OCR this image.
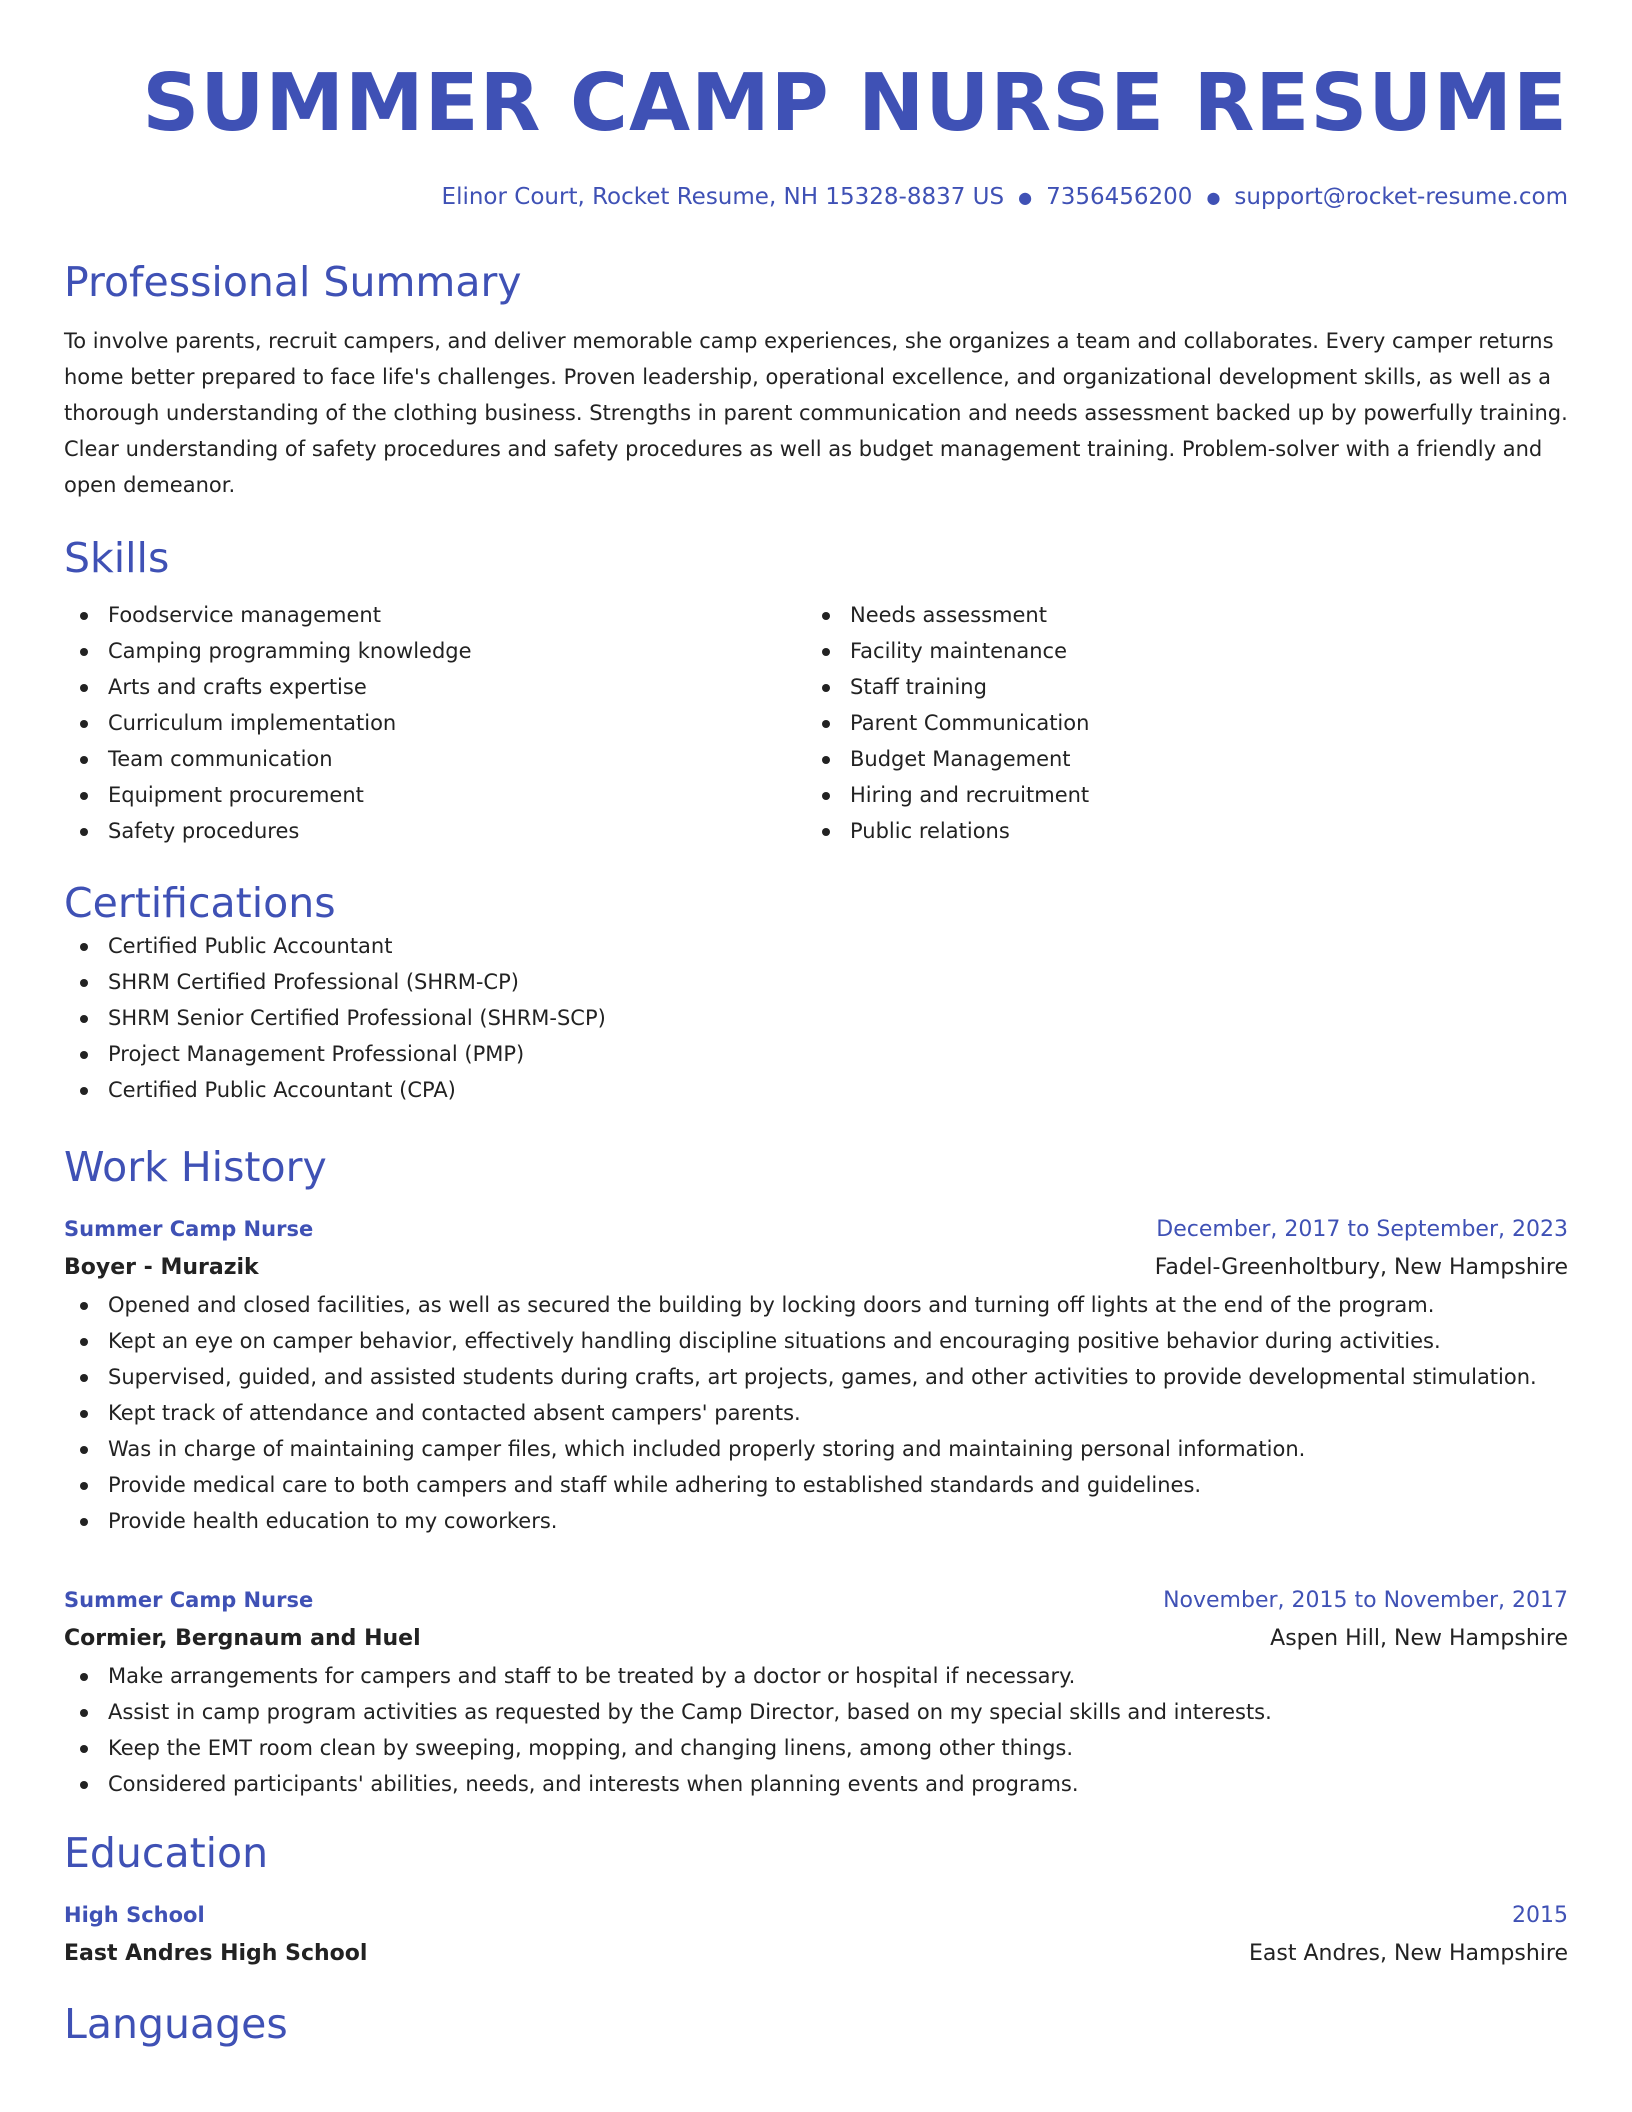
SUMMER CAMP NURSE RESUME
Elinor Court, Rocket Resume, NH 15328-8837 US ● 7356456200 ● support@rocket-resume.com
Professional Summary

To involve parents, recruit campers, and deliver memorable camp experiences, she organizes a team and collaborates. Every camper returns home better prepared to face life's challenges. Proven leadership, operational excellence, and organizational development skills, as well as a thorough understanding of the clothing business. Strengths in parent communication and needs assessment backed up by powerfully training. Clear understanding of safety procedures and safety procedures as well as budget management training. Problem-solver with a friendly and open demeanor.

Skills
Foodservice management
Camping programming knowledge
Arts and crafts expertise
Curriculum implementation
Team communication
Equipment procurement
Safety procedures
Needs assessment
Facility maintenance
Staff training
Parent Communication
Budget Management
Hiring and recruitment
Public relations
Certifications
Certified Public Accountant
SHRM Certified Professional (SHRM-CP)
SHRM Senior Certified Professional (SHRM-SCP)
Project Management Professional (PMP)
Certified Public Accountant (CPA)
Work History
Summer Camp Nurse	December, 2017 to September, 2023
Boyer - Murazik	Fadel-Greenholtbury, New Hampshire
Opened and closed facilities, as well as secured the building by locking doors and turning off lights at the end of the program.
Kept an eye on camper behavior, effectively handling discipline situations and encouraging positive behavior during activities.
Supervised, guided, and assisted students during crafts, art projects, games, and other activities to provide developmental stimulation.
Kept track of attendance and contacted absent campers' parents.
Was in charge of maintaining camper files, which included properly storing and maintaining personal information.
Provide medical care to both campers and staff while adhering to established standards and guidelines.
Provide health education to my coworkers.
Summer Camp Nurse	November, 2015 to November, 2017
Cormier, Bergnaum and Huel	Aspen Hill, New Hampshire
Make arrangements for campers and staff to be treated by a doctor or hospital if necessary.
Assist in camp program activities as requested by the Camp Director, based on my special skills and interests.
Keep the EMT room clean by sweeping, mopping, and changing linens, among other things.
Considered participants' abilities, needs, and interests when planning events and programs.
Education
High School	2015
East Andres High School	East Andres, New Hampshire
Languages
